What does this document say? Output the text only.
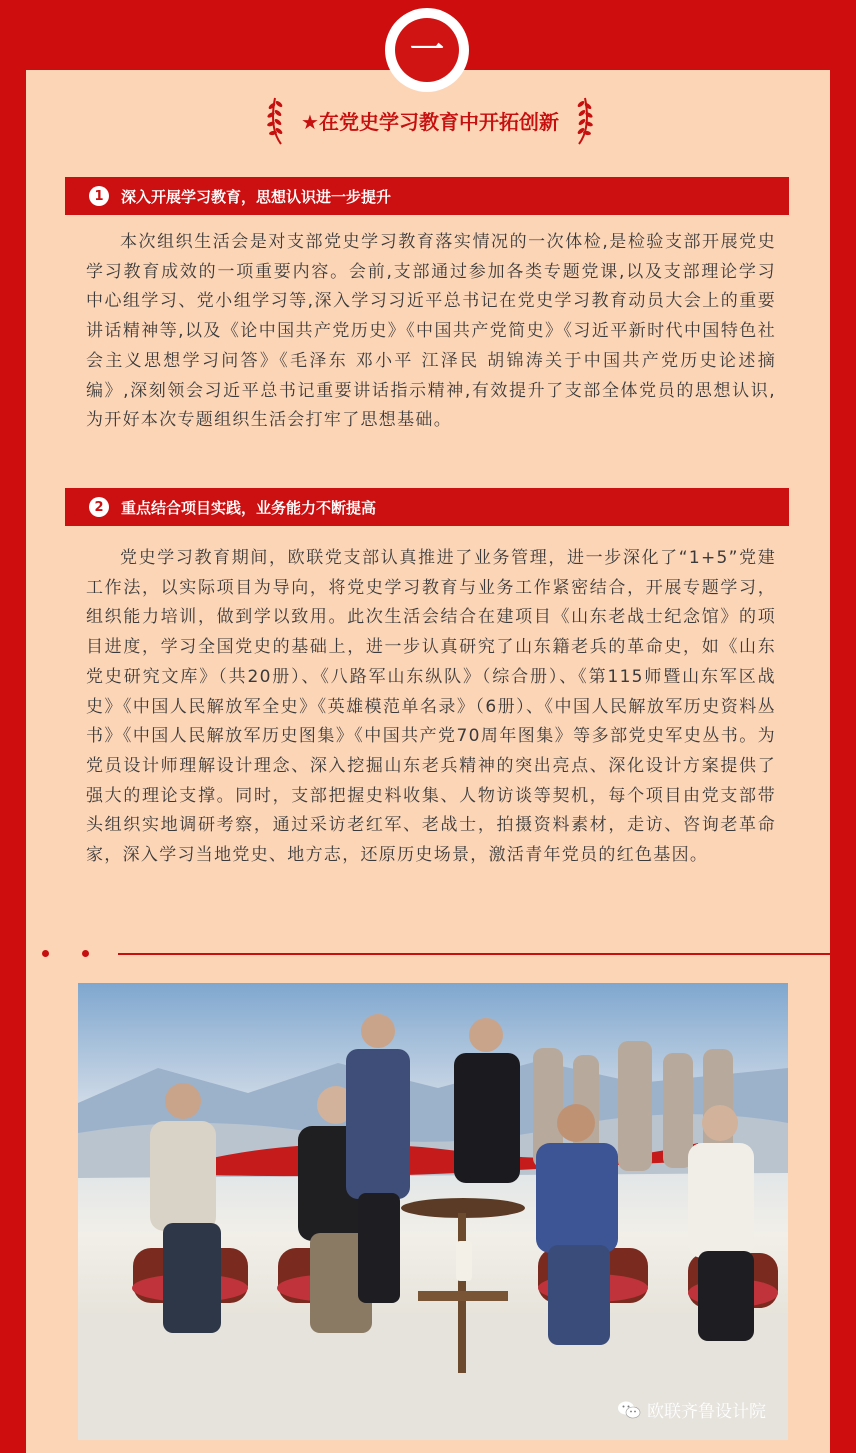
一
★在党史学习教育中开拓创新
1	深入开展学习教育，思想认识进一步提升

本次组织生活会是对支部党史学习教育落实情况的一次体检,是检验支部开展党史学习教育成效的一项重要内容。会前,支部通过参加各类专题党课,以及支部理论学习中心组学习、党小组学习等,深入学习习近平总书记在党史学习教育动员大会上的重要讲话精神等,以及《论中国共产党历史》《中国共产党简史》《习近平新时代中国特色社会主义思想学习问答》《毛泽东 邓小平 江泽民 胡锦涛关于中国共产党历史论述摘编》,深刻领会习近平总书记重要讲话指示精神,有效提升了支部全体党员的思想认识,为开好本次专题组织生活会打牢了思想基础。

2	重点结合项目实践，业务能力不断提高

党史学习教育期间，欧联党支部认真推进了业务管理，进一步深化了“1+5”党建工作法，以实际项目为导向，将党史学习教育与业务工作紧密结合，开展专题学习，组织能力培训，做到学以致用。此次生活会结合在建项目《山东老战士纪念馆》的项目进度，学习全国党史的基础上，进一步认真研究了山东籍老兵的革命史，如《山东党史研究文库》（共20册）、《八路军山东纵队》（综合册）、《第115师暨山东军区战史》《中国人民解放军全史》《英雄模范单名录》（6册）、《中国人民解放军历史资料丛书》《中国人民解放军历史图集》《中国共产党70周年图集》等多部党史军史丛书。为党员设计师理解设计理念、深入挖掘山东老兵精神的突出亮点、深化设计方案提供了强大的理论支撑。同时，支部把握史料收集、人物访谈等契机，每个项目由党支部带头组织实地调研考察，通过采访老红军、老战士，拍摄资料素材，走访、咨询老革命家，深入学习当地党史、地方志，还原历史场景，激活青年党员的红色基因。

欧联齐鲁设计院
